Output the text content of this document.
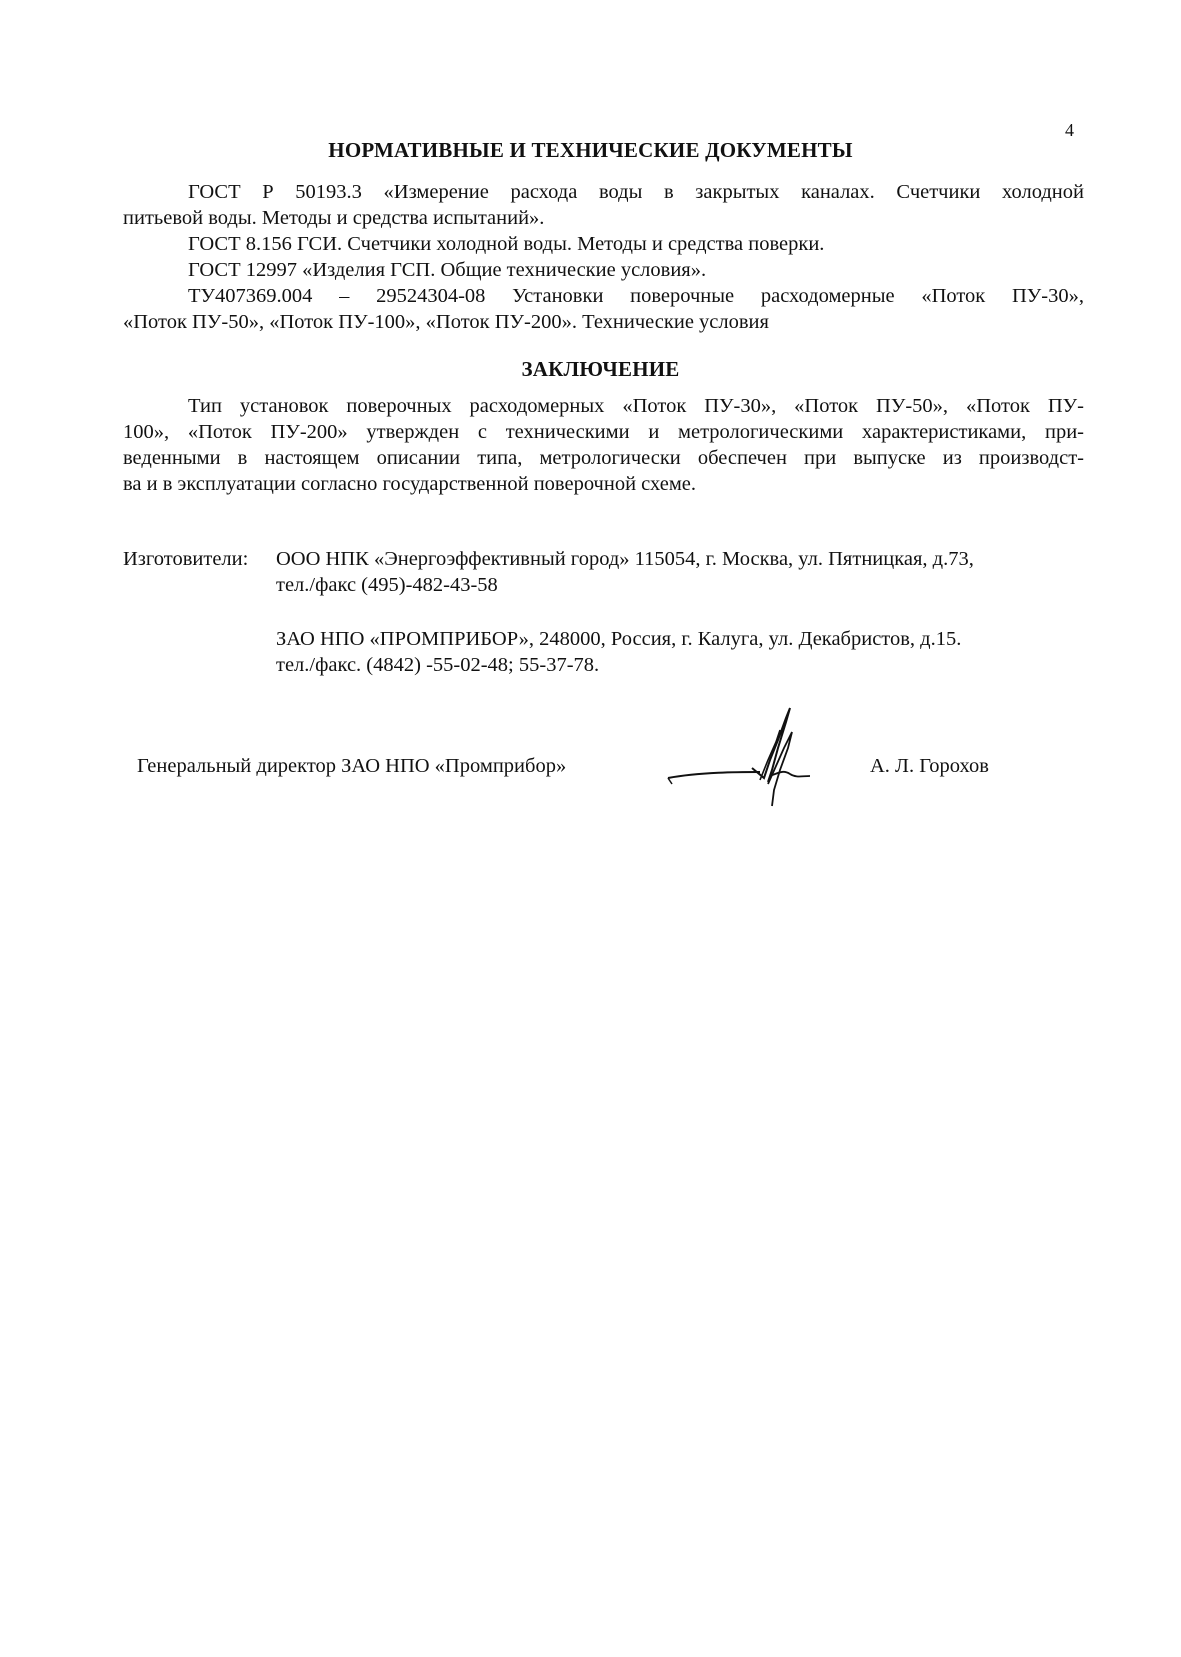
4
НОРМАТИВНЫЕ И ТЕХНИЧЕСКИЕ ДОКУМЕНТЫ
ГОСТ Р 50193.3 «Измерение расхода воды в закрытых каналах. Счетчики холодной
питьевой воды. Методы и средства испытаний».
ГОСТ 8.156 ГСИ. Счетчики холодной воды. Методы и средства поверки.
ГОСТ 12997 «Изделия ГСП. Общие технические условия».
ТУ407369.004 – 29524304-08 Установки поверочные расходомерные «Поток ПУ-30»,
«Поток ПУ-50», «Поток ПУ-100», «Поток ПУ-200». Технические условия
ЗАКЛЮЧЕНИЕ
Тип установок поверочных расходомерных «Поток ПУ-30», «Поток ПУ-50», «Поток ПУ-
100», «Поток ПУ-200» утвержден с техническими и метрологическими характеристиками, при-
веденными в настоящем описании типа, метрологически обеспечен при выпуске из производст-
ва и в эксплуатации согласно государственной поверочной схеме.
Изготовители: ООО НПК «Энергоэффективный город» 115054, г. Москва, ул. Пятницкая, д.73,
тел./факс (495)-482-43-58
ЗАО НПО «ПРОМПРИБОР», 248000, Россия, г. Калуга, ул. Декабристов, д.15.
тел./факс. (4842) -55-02-48; 55-37-78.
Генеральный директор ЗАО НПО «Промприбор»	А. Л. Горохов
